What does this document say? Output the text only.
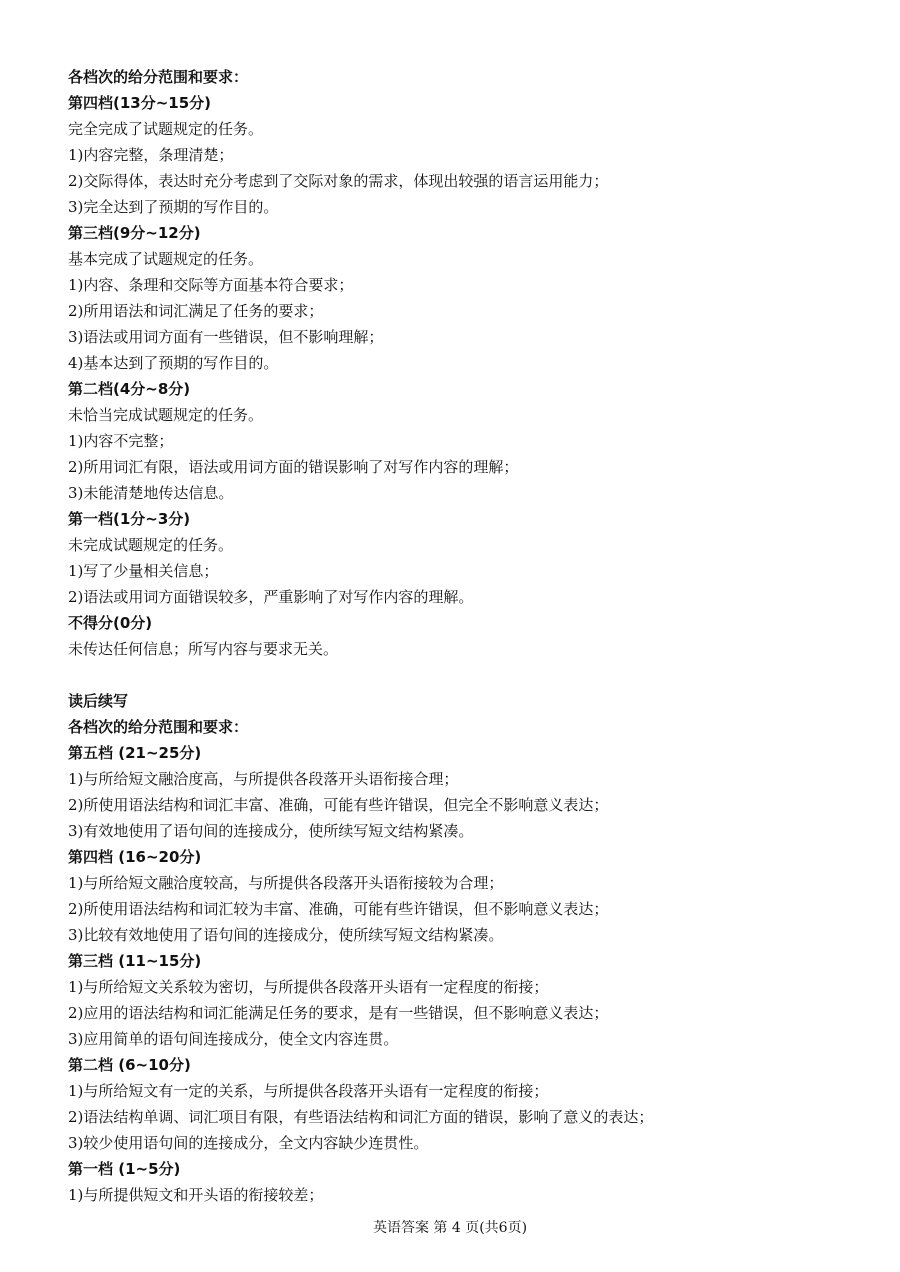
各档次的给分范围和要求：
第四档(13分~15分)
完全完成了试题规定的任务。
1)内容完整，条理清楚；
2)交际得体，表达时充分考虑到了交际对象的需求，体现出较强的语言运用能力；
3)完全达到了预期的写作目的。
第三档(9分~12分)
基本完成了试题规定的任务。
1)内容、条理和交际等方面基本符合要求；
2)所用语法和词汇满足了任务的要求；
3)语法或用词方面有一些错误，但不影响理解；
4)基本达到了预期的写作目的。
第二档(4分~8分)
未恰当完成试题规定的任务。
1)内容不完整；
2)所用词汇有限，语法或用词方面的错误影响了对写作内容的理解；
3)未能清楚地传达信息。
第一档(1分~3分)
未完成试题规定的任务。
1)写了少量相关信息；
2)语法或用词方面错误较多，严重影响了对写作内容的理解。
不得分(0分)
未传达任何信息；所写内容与要求无关。
读后续写
各档次的给分范围和要求：
第五档 (21~25分)
1)与所给短文融洽度高，与所提供各段落开头语衔接合理；
2)所使用语法结构和词汇丰富、准确，可能有些许错误，但完全不影响意义表达；
3)有效地使用了语句间的连接成分，使所续写短文结构紧凑。
第四档 (16~20分)
1)与所给短文融洽度较高，与所提供各段落开头语衔接较为合理；
2)所使用语法结构和词汇较为丰富、准确，可能有些许错误，但不影响意义表达；
3)比较有效地使用了语句间的连接成分，使所续写短文结构紧凑。
第三档 (11~15分)
1)与所给短文关系较为密切，与所提供各段落开头语有一定程度的衔接；
2)应用的语法结构和词汇能满足任务的要求，是有一些错误，但不影响意义表达；
3)应用简单的语句间连接成分，使全文内容连贯。
第二档 (6~10分)
1)与所给短文有一定的关系，与所提供各段落开头语有一定程度的衔接；
2)语法结构单调、词汇项目有限，有些语法结构和词汇方面的错误，影响了意义的表达；
3)较少使用语句间的连接成分，全文内容缺少连贯性。
第一档 (1~5分)
1)与所提供短文和开头语的衔接较差；
英语答案 第 4 页(共6页)
